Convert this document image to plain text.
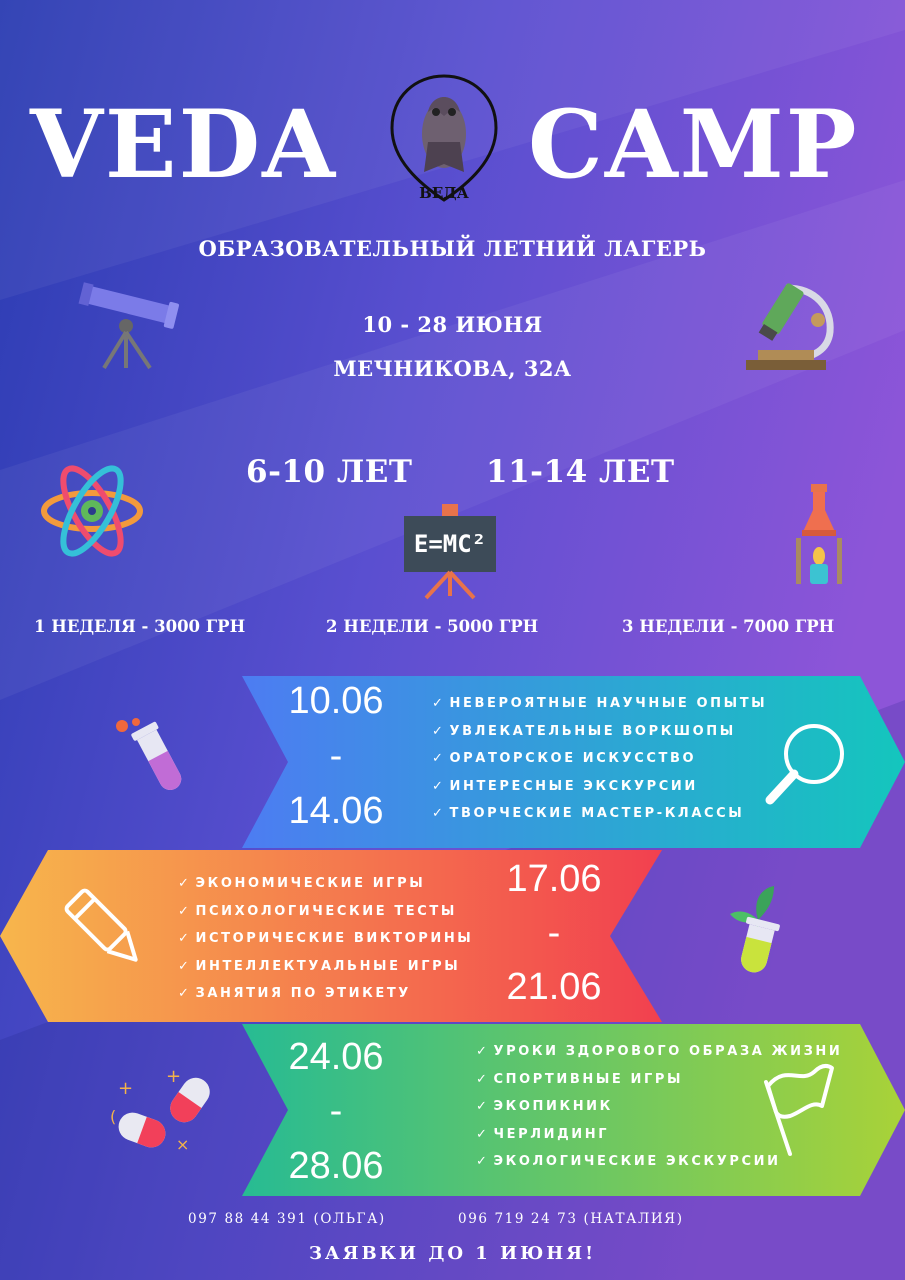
VEDA CAMP
ВЕДА
ОБРАЗОВАТЕЛЬНЫЙ ЛЕТНИЙ ЛАГЕРЬ
10 - 28 ИЮНЯ
МЕЧНИКОВА, 32А
6-10 ЛЕТ 11-14 ЛЕТ
E=MC²
1 НЕДЕЛЯ - 3000 ГРН	2 НЕДЕЛИ - 5000 ГРН	3 НЕДЕЛИ - 7000 ГРН
10.06
-
14.06
✓ НЕВЕРОЯТНЫЕ НАУЧНЫЕ ОПЫТЫ
✓ УВЛЕКАТЕЛЬНЫЕ ВОРКШОПЫ
✓ ОРАТОРСКОЕ ИСКУССТВО
✓ ИНТЕРЕСНЫЕ ЭКСКУРСИИ
✓ ТВОРЧЕСКИЕ МАСТЕР-КЛАССЫ
✓ ЭКОНОМИЧЕСКИЕ ИГРЫ
✓ ПСИХОЛОГИЧЕСКИЕ ТЕСТЫ
✓ ИСТОРИЧЕСКИЕ ВИКТОРИНЫ
✓ ИНТЕЛЛЕКТУАЛЬНЫЕ ИГРЫ
✓ ЗАНЯТИЯ ПО ЭТИКЕТУ
17.06
-
21.06
+
+
×
(
24.06
-
28.06
✓ УРОКИ ЗДОРОВОГО ОБРАЗА ЖИЗНИ
✓ СПОРТИВНЫЕ ИГРЫ
✓ ЭКОПИКНИК
✓ ЧЕРЛИДИНГ
✓ ЭКОЛОГИЧЕСКИЕ ЭКСКУРСИИ
097 88 44 391 (ОЛЬГА)	096 719 24 73 (НАТАЛИЯ)
ЗАЯВКИ ДО 1 ИЮНЯ!
